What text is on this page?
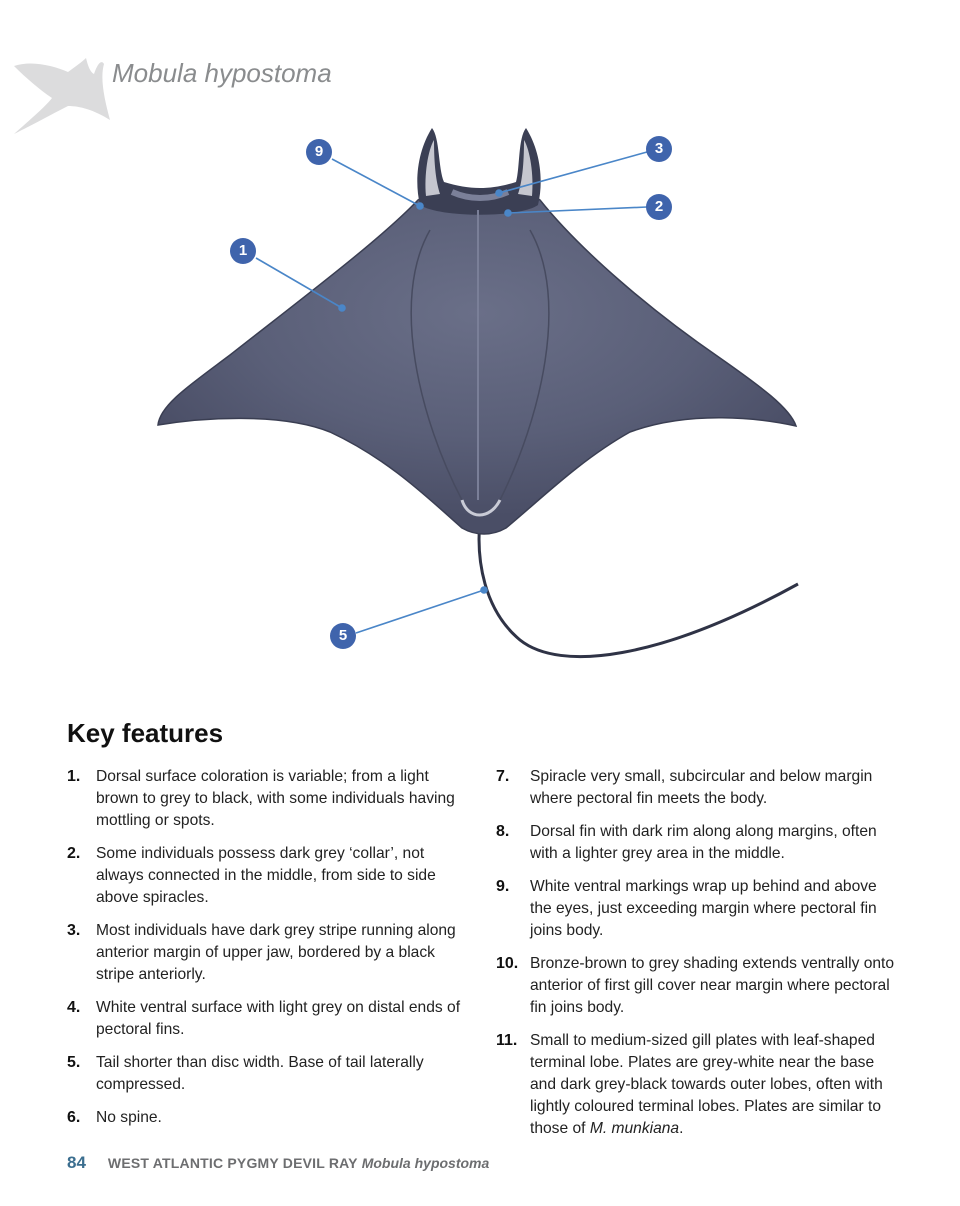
Mobula hypostoma
9	3
2
1
5
Key features
1. Dorsal surface coloration is variable; from a light brown to grey to black, with some individuals having mottling or spots.
2. Some individuals possess dark grey ‘collar’, not always connected in the middle, from side to side above spiracles.
3. Most individuals have dark grey stripe running along anterior margin of upper jaw, bordered by a black stripe anteriorly.
4. White ventral surface with light grey on distal ends of pectoral fins.
5. Tail shorter than disc width. Base of tail laterally compressed.
6. No spine.
7. Spiracle very small, subcircular and below margin where pectoral fin meets the body.
8. Dorsal fin with dark rim along along margins, often with a lighter grey area in the middle.
9. White ventral markings wrap up behind and above the eyes, just exceeding margin where pectoral fin joins body.
10. Bronze-brown to grey shading extends ventrally onto anterior of first gill cover near margin where pectoral fin joins body.
11. Small to medium-sized gill plates with leaf-shaped terminal lobe. Plates are grey-white near the base and dark grey-black towards outer lobes, often with lightly coloured terminal lobes. Plates are similar to those of M. munkiana.
84 WEST ATLANTIC PYGMY DEVIL RAY Mobula hypostoma
